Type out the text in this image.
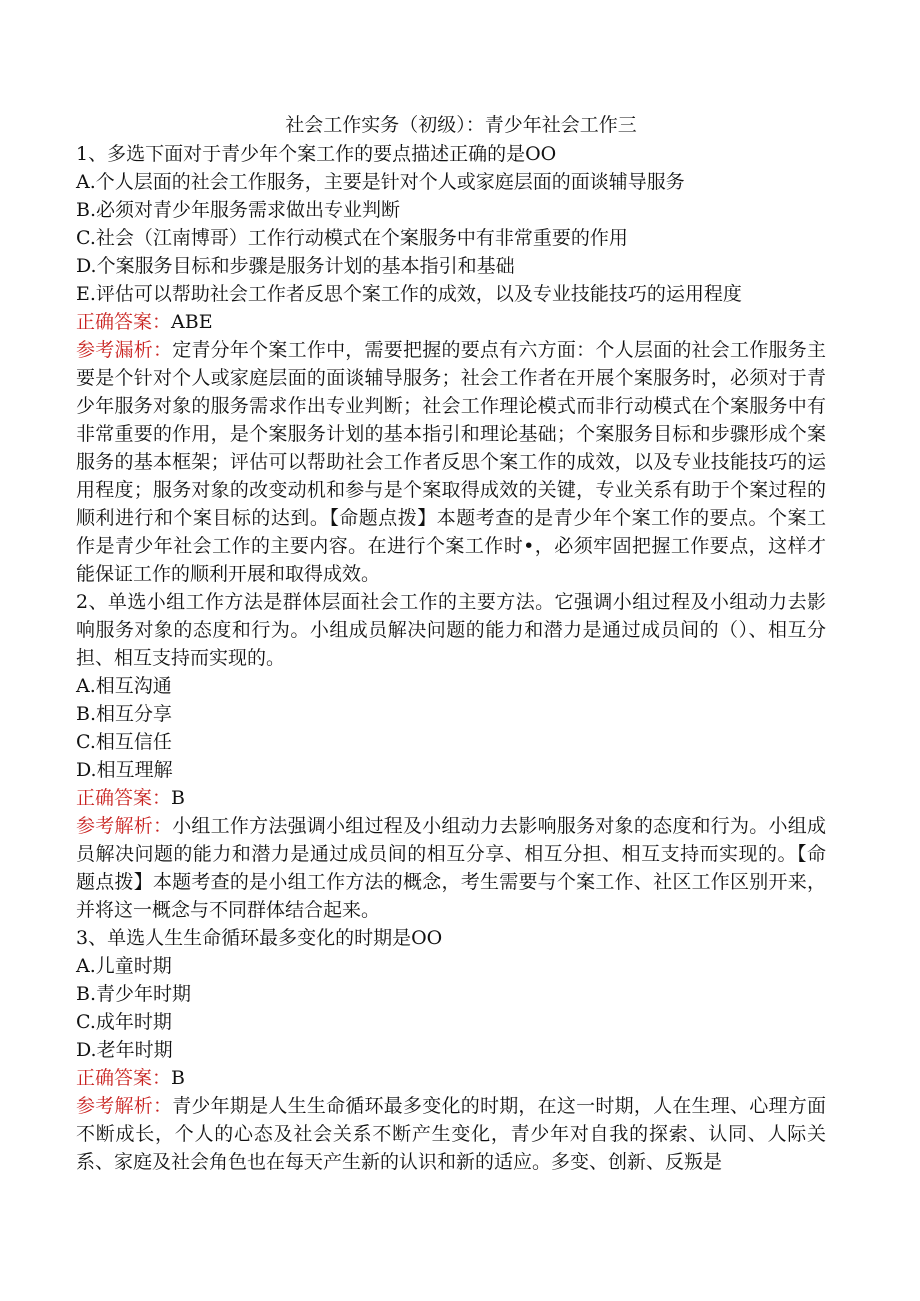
社会工作实务（初级）：青少年社会工作三

1、多选下面对于青少年个案工作的要点描述正确的是OO

A.个人层面的社会工作服务，主要是针对个人或家庭层面的面谈辅导服务

B.必须对青少年服务需求做出专业判断

C.社会（江南博哥）工作行动模式在个案服务中有非常重要的作用

D.个案服务目标和步骤是服务计划的基本指引和基础

E.评估可以帮助社会工作者反思个案工作的成效，以及专业技能技巧的运用程度

正确答案：ABE

参考漏析：定青分年个案工作中，需要把握的要点有六方面：个人层面的社会工作服务主要是个针对个人或家庭层面的面谈辅导服务；社会工作者在开展个案服务时，必须对于青少年服务对象的服务需求作出专业判断；社会工作理论模式而非行动模式在个案服务中有非常重要的作用，是个案服务计划的基本指引和理论基础；个案服务目标和步骤形成个案服务的基本框架；评估可以帮助社会工作者反思个案工作的成效，以及专业技能技巧的运用程度；服务对象的改变动机和参与是个案取得成效的关键，专业关系有助于个案过程的顺利进行和个案目标的达到。【命题点拨】本题考查的是青少年个案工作的要点。个案工作是青少年社会工作的主要内容。在进行个案工作时•，必须牢固把握工作要点，这样才能保证工作的顺利开展和取得成效。

2、单选小组工作方法是群体层面社会工作的主要方法。它强调小组过程及小组动力去影响服务对象的态度和行为。小组成员解决问题的能力和潜力是通过成员间的（）、相互分担、相互支持而实现的。

A.相互沟通

B.相互分享

C.相互信任

D.相互理解

正确答案：B

参考解析：小组工作方法强调小组过程及小组动力去影响服务对象的态度和行为。小组成员解决问题的能力和潜力是通过成员间的相互分享、相互分担、相互支持而实现的。【命题点拨】本题考查的是小组工作方法的概念，考生需要与个案工作、社区工作区别开来，并将这一概念与不同群体结合起来。

3、单选人生生命循环最多变化的时期是OO

A.儿童时期

B.青少年时期

C.成年时期

D.老年时期

正确答案：B

参考解析：青少年期是人生生命循环最多变化的时期，在这一时期，人在生理、心理方面不断成长，个人的心态及社会关系不断产生变化，青少年对自我的探索、认同、人际关系、家庭及社会角色也在每天产生新的认识和新的适应。多变、创新、反叛是
